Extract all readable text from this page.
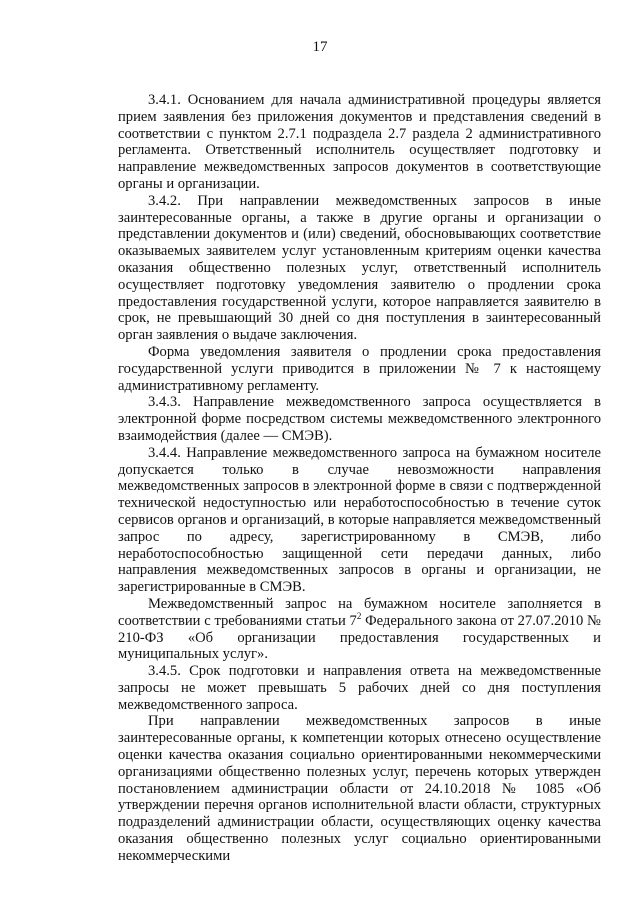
17

3.4.1. Основанием для начала административной процедуры является прием заявления без приложения документов и представления сведений в соответствии с пунктом 2.7.1 подраздела 2.7 раздела 2 административного регламента. Ответственный исполнитель осуществляет подготовку и направление межведомственных запросов документов в соответствующие органы и организации.

3.4.2. При направлении межведомственных запросов в иные заинтересованные органы, а также в другие органы и организации о представлении документов и (или) сведений, обосновывающих соответствие оказываемых заявителем услуг установленным критериям оценки качества оказания общественно полезных услуг, ответственный исполнитель осуществляет подготовку уведомления заявителю о продлении срока предоставления государственной услуги, которое направляется заявителю в срок, не превышающий 30 дней со дня поступления в заинтересованный орган заявления о выдаче заключения.

Форма уведомления заявителя о продлении срока предоставления государственной услуги приводится в приложении № 7 к настоящему административному регламенту.

3.4.3. Направление межведомственного запроса осуществляется в электронной форме посредством системы межведомственного электронного взаимодействия (далее — СМЭВ).

3.4.4. Направление межведомственного запроса на бумажном носителе допускается только в случае невозможности направления межведомственных запросов в электронной форме в связи с подтвержденной технической недоступностью или неработоспособностью в течение суток сервисов органов и организаций, в которые направляется межведомственный запрос по адресу, зарегистрированному в СМЭВ, либо неработоспособностью защищенной сети передачи данных, либо направления межведомственных запросов в органы и организации, не зарегистрированные в СМЭВ.

Межведомственный запрос на бумажном носителе заполняется в соответствии с требованиями статьи $7^2$ Федерального закона от 27.07.2010 № 210-ФЗ «Об организации предоставления государственных и муниципальных услуг».

3.4.5. Срок подготовки и направления ответа на межведомственные запросы не может превышать 5 рабочих дней со дня поступления межведомственного запроса.

При направлении межведомственных запросов в иные заинтересованные органы, к компетенции которых отнесено осуществление оценки качества оказания социально ориентированными некоммерческими организациями общественно полезных услуг, перечень которых утвержден постановлением администрации области от 24.10.2018 № 1085 «Об утверждении перечня органов исполнительной власти области, структурных подразделений администрации области, осуществляющих оценку качества оказания общественно полезных услуг социально ориентированными некоммерческими
